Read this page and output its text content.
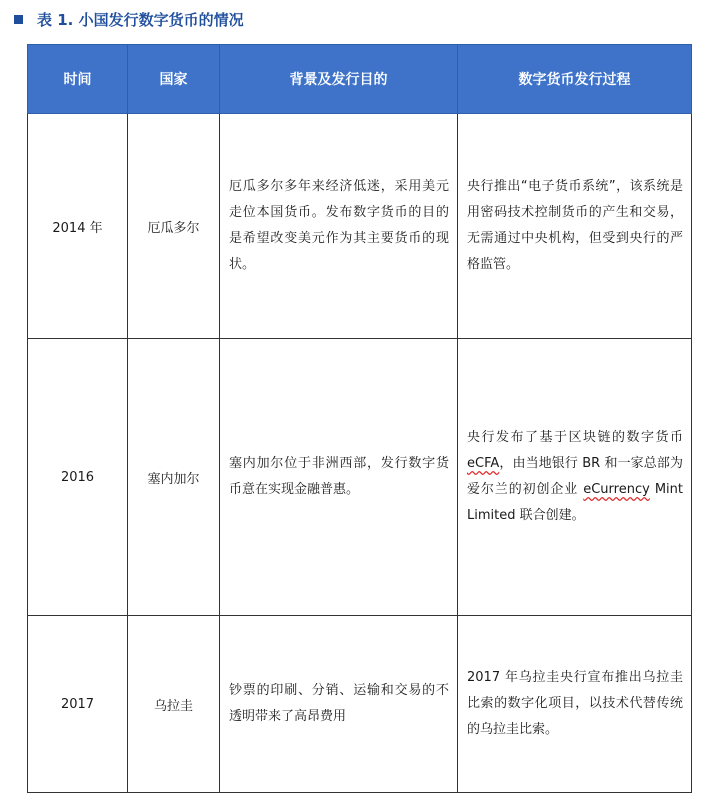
表 1. 小国发行数字货币的情况
时间	国家	背景及发行目的	数字货币发行过程
2014 年	厄瓜多尔	厄瓜多尔多年来经济低迷，采用美元走位本国货币。发布数字货币的目的是希望改变美元作为其主要货币的现状。	央行推出“电子货币系统”，该系统是用密码技术控制货币的产生和交易，无需通过中央机构，但受到央行的严格监管。
2016	塞内加尔	塞内加尔位于非洲西部，发行数字货币意在实现金融普惠。	央行发布了基于区块链的数字货币 eCFA，由当地银行 BR 和一家总部为爱尔兰的初创企业 eCurrency Mint Limited 联合创建。
2017	乌拉圭	钞票的印刷、分销、运输和交易的不透明带来了高昂费用	2017 年乌拉圭央行宣布推出乌拉圭比索的数字化项目，以技术代替传统的乌拉圭比索。
